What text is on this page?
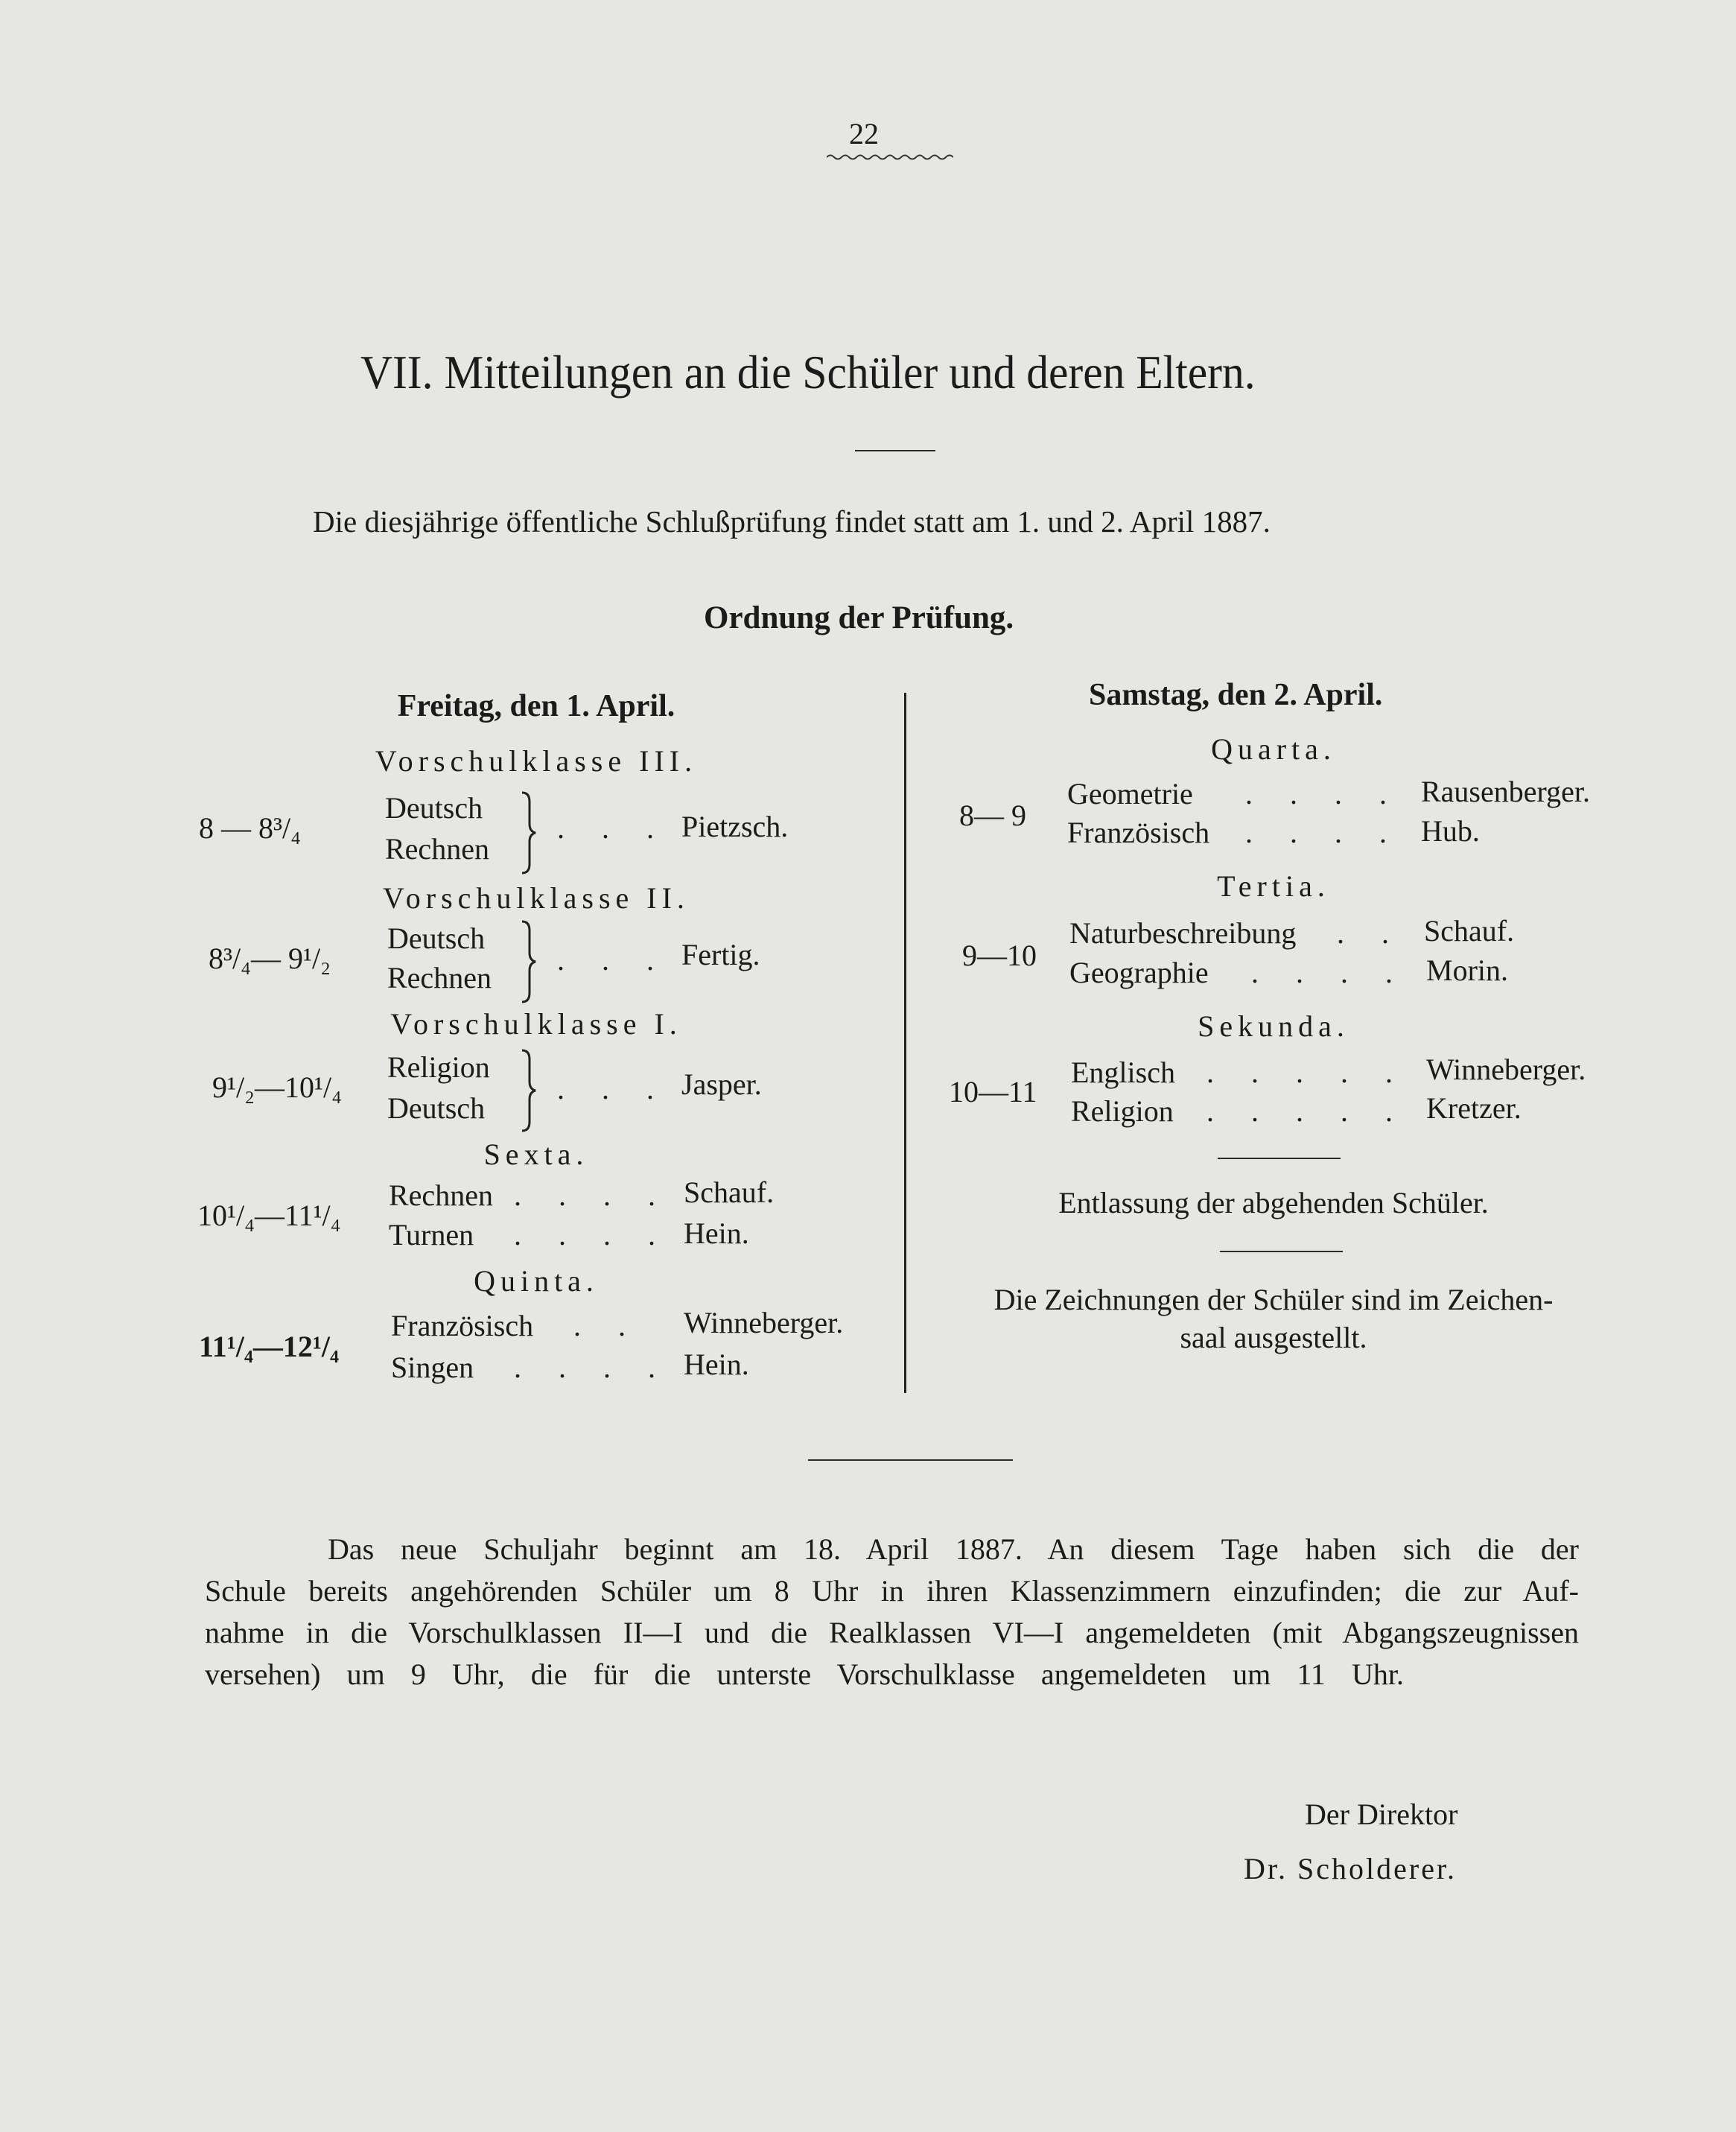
22
VII. Mitteilungen an die Schüler und deren Eltern.
Die diesjährige öffentliche Schlußprüfung findet statt am 1. und 2. April 1887.
Ordnung der Prüfung.
Freitag, den 1. April.
Vorschulklasse III.
8 — 8³/₄
Deutsch
Rechnen
. . .
Pietzsch.
Vorschulklasse II.
8³/₄— 9¹/₂
Deutsch
Rechnen
. . .
Fertig.
Vorschulklasse I.
9¹/₂—10¹/₄
Religion
Deutsch
. . .
Jasper.
Sexta.
10¹/₄—11¹/₄
Rechnen
Turnen
. .
. .
Schauf.
Hein.
Quinta.
11¹/₄—12¹/₄
Französisch
Singen
. .
. .
Winneberger.
Hein.
Samstag, den 2. April.
Quarta.
8— 9
Geometrie
Französisch
. .
. .
Rausenberger.
Hub.
Tertia.
9—10
Naturbeschreibung
Geographie
. .
. .
Schauf.
Morin.
Sekunda.
10—11
Englisch
Religion
. .
. .
Winneberger.
Kretzer.
Entlassung der abgehenden Schüler.
Die Zeichnungen der Schüler sind im Zeichen-
saal ausgestellt.
Das neue Schuljahr beginnt am 18. April 1887. An diesem Tage haben sich die der
Schule bereits angehörenden Schüler um 8 Uhr in ihren Klassenzimmern einzufinden; die zur Auf-
nahme in die Vorschulklassen II—I und die Realklassen VI—I angemeldeten (mit Abgangszeugnissen
versehen) um 9 Uhr, die für die unterste Vorschulklasse angemeldeten um 11 Uhr.
Der Direktor
Dr. Scholderer.
